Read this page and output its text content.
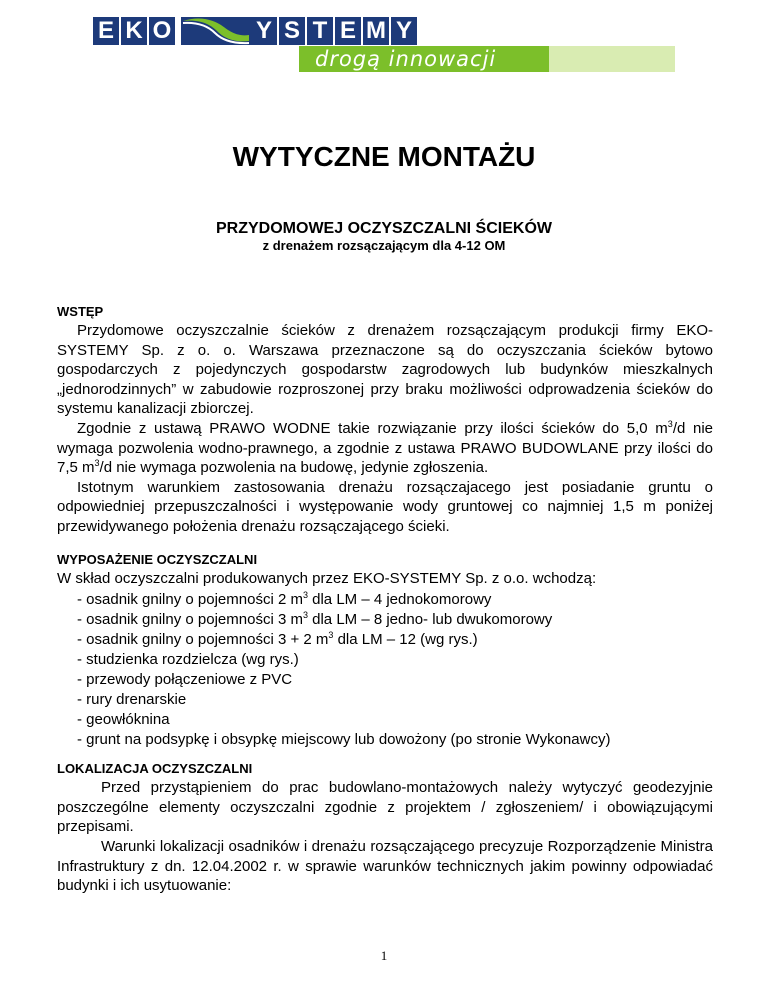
E K O	Y S T E M Y
drogą innowacji
WYTYCZNE MONTAŻU
PRZYDOMOWEJ OCZYSZCZALNI ŚCIEKÓW
z drenażem rozsączającym dla 4-12 OM

WSTĘP

Przydomowe oczyszczalnie ścieków z drenażem rozsączającym produkcji firmy EKO-SYSTEMY Sp. z o. o. Warszawa przeznaczone są do oczyszczania ścieków bytowo gospodarczych z pojedynczych gospodarstw zagrodowych lub budynków mieszkalnych „jednorodzinnych” w zabudowie rozproszonej przy braku możliwości odprowadzenia ścieków do systemu kanalizacji zbiorczej.

Zgodnie z ustawą PRAWO WODNE takie rozwiązanie przy ilości ścieków do 5,0 $m^3/d$ nie wymaga pozwolenia wodno-prawnego, a zgodnie z ustawa PRAWO BUDOWLANE przy ilości do 7,5 $m^3/d$ nie wymaga pozwolenia na budowę, jedynie zgłoszenia.

Istotnym warunkiem zastosowania drenażu rozsączajacego jest posiadanie gruntu o odpowiedniej przepuszczalności i występowanie wody gruntowej co najmniej 1,5 m poniżej przewidywanego położenia drenażu rozsączającego ścieki.

WYPOSAŻENIE OCZYSZCZALNI

W skład oczyszczalni produkowanych przez EKO-SYSTEMY Sp. z o.o. wchodzą:

- osadnik gnilny o pojemności 2 $m^3$ dla LM – 4 jednokomorowy
- osadnik gnilny o pojemności 3 $m^3$ dla LM – 8 jedno- lub dwukomorowy
- osadnik gnilny o pojemności 3 + 2 $m^3$ dla LM – 12 (wg rys.)
- studzienka rozdzielcza (wg rys.)
- przewody połączeniowe z PVC
- rury drenarskie
- geowłóknina
- grunt na podsypkę i obsypkę miejscowy lub dowożony (po stronie Wykonawcy)

LOKALIZACJA OCZYSZCZALNI

Przed przystąpieniem do prac budowlano-montażowych należy wytyczyć geodezyjnie poszczególne elementy oczyszczalni zgodnie z projektem / zgłoszeniem/ i obowiązującymi przepisami.

Warunki lokalizacji osadników i drenażu rozsączającego precyzuje Rozporządzenie Ministra Infrastruktury z dn. 12.04.2002 r. w sprawie warunków technicznych jakim powinny odpowiadać budynki i ich usytuowanie:

1
